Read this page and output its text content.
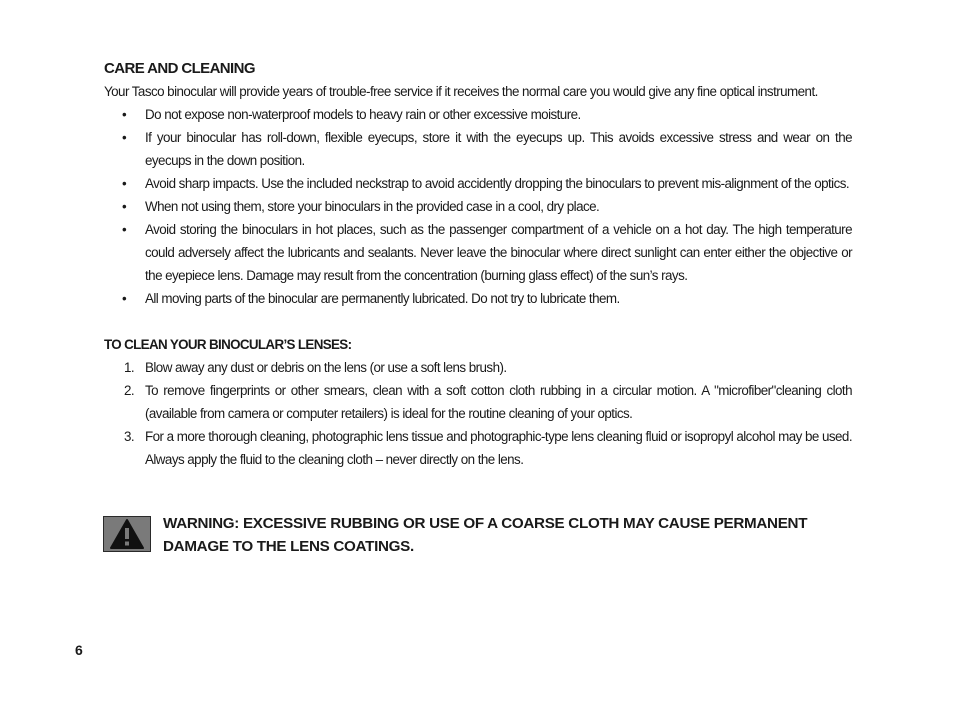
CARE AND CLEANING

Your Tasco binocular will provide years of trouble-free service if it receives the normal care you would give any fine optical instrument.

• Do not expose non-waterproof models to heavy rain or other excessive moisture.
• If your binocular has roll-down, flexible eyecups, store it with the eyecups up. This avoids excessive stress and wear on the eyecups in the down position.
• Avoid sharp impacts. Use the included neckstrap to avoid accidently dropping the binoculars to prevent mis-alignment of the optics.
• When not using them, store your binoculars in the provided case in a cool, dry place.
• Avoid storing the binoculars in hot places, such as the passenger compartment of a vehicle on a hot day. The high temperature could adversely affect the lubricants and sealants. Never leave the binocular where direct sunlight can enter either the objective or the eyepiece lens. Damage may result from the concentration (burning glass effect) of the sun’s rays.
• All moving parts of the binocular are permanently lubricated. Do not try to lubricate them.
TO CLEAN YOUR BINOCULAR’S LENSES:
1. Blow away any dust or debris on the lens (or use a soft lens brush).
2. To remove fingerprints or other smears, clean with a soft cotton cloth rubbing in a circular motion. A "microfiber"cleaning cloth (available from camera or computer retailers) is ideal for the routine cleaning of your optics.
3. For a more thorough cleaning, photographic lens tissue and photographic-type lens cleaning fluid or isopropyl alcohol may be used. Always apply the fluid to the cleaning cloth – never directly on the lens.
WARNING: EXCESSIVE RUBBING OR USE OF A COARSE CLOTH MAY CAUSE PERMANENT
DAMAGE TO THE LENS COATINGS.
6
